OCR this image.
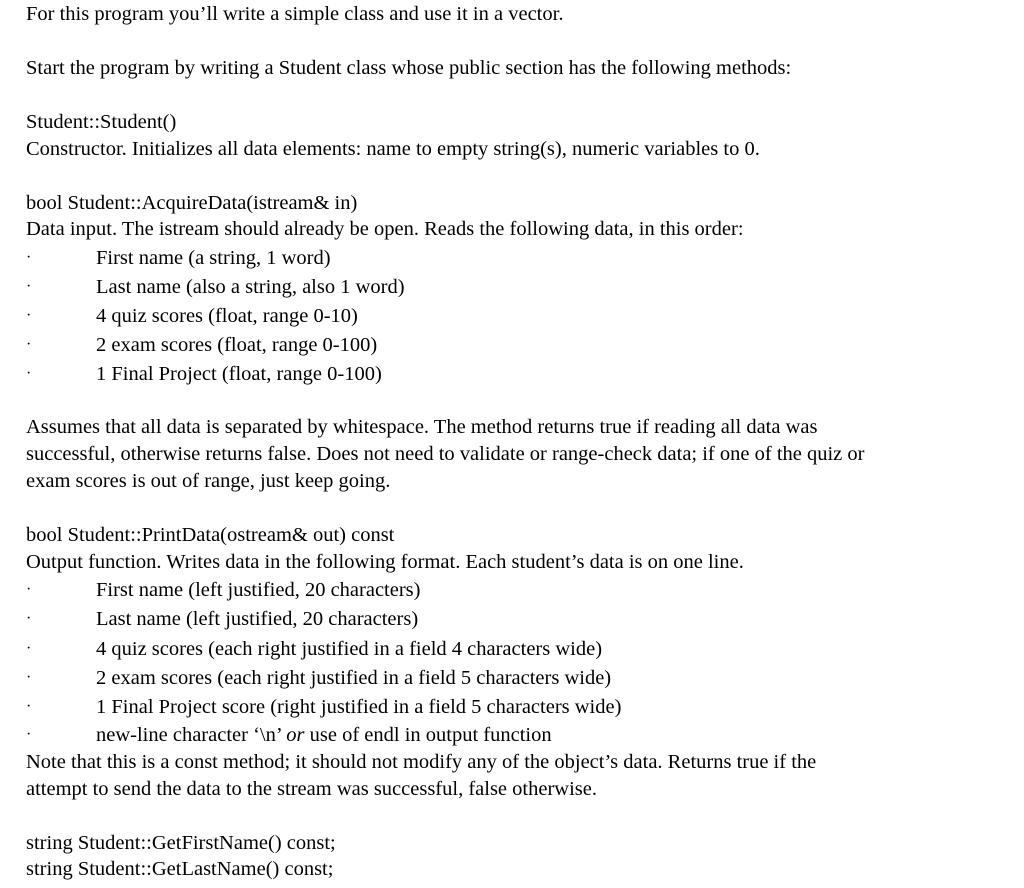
For this program you’ll write a simple class and use it in a vector.
Start the program by writing a Student class whose public section has the following methods:
Student::Student()
Constructor. Initializes all data elements: name to empty string(s), numeric variables to 0.
bool Student::AcquireData(istream& in)
Data input. The istream should already be open. Reads the following data, in this order:
·	First name (a string, 1 word)
·	Last name (also a string, also 1 word)
·	4 quiz scores (float, range 0-10)
·	2 exam scores (float, range 0-100)
·	1 Final Project (float, range 0-100)
Assumes that all data is separated by whitespace. The method returns true if reading all data was
successful, otherwise returns false. Does not need to validate or range-check data; if one of the quiz or
exam scores is out of range, just keep going.
bool Student::PrintData(ostream& out) const
Output function. Writes data in the following format. Each student’s data is on one line.
·	First name (left justified, 20 characters)
·	Last name (left justified, 20 characters)
·	4 quiz scores (each right justified in a field 4 characters wide)
·	2 exam scores (each right justified in a field 5 characters wide)
·	1 Final Project score (right justified in a field 5 characters wide)
·	new-line character ‘\n’ or use of endl in output function
Note that this is a const method; it should not modify any of the object’s data. Returns true if the
attempt to send the data to the stream was successful, false otherwise.
string Student::GetFirstName() const;
string Student::GetLastName() const;
